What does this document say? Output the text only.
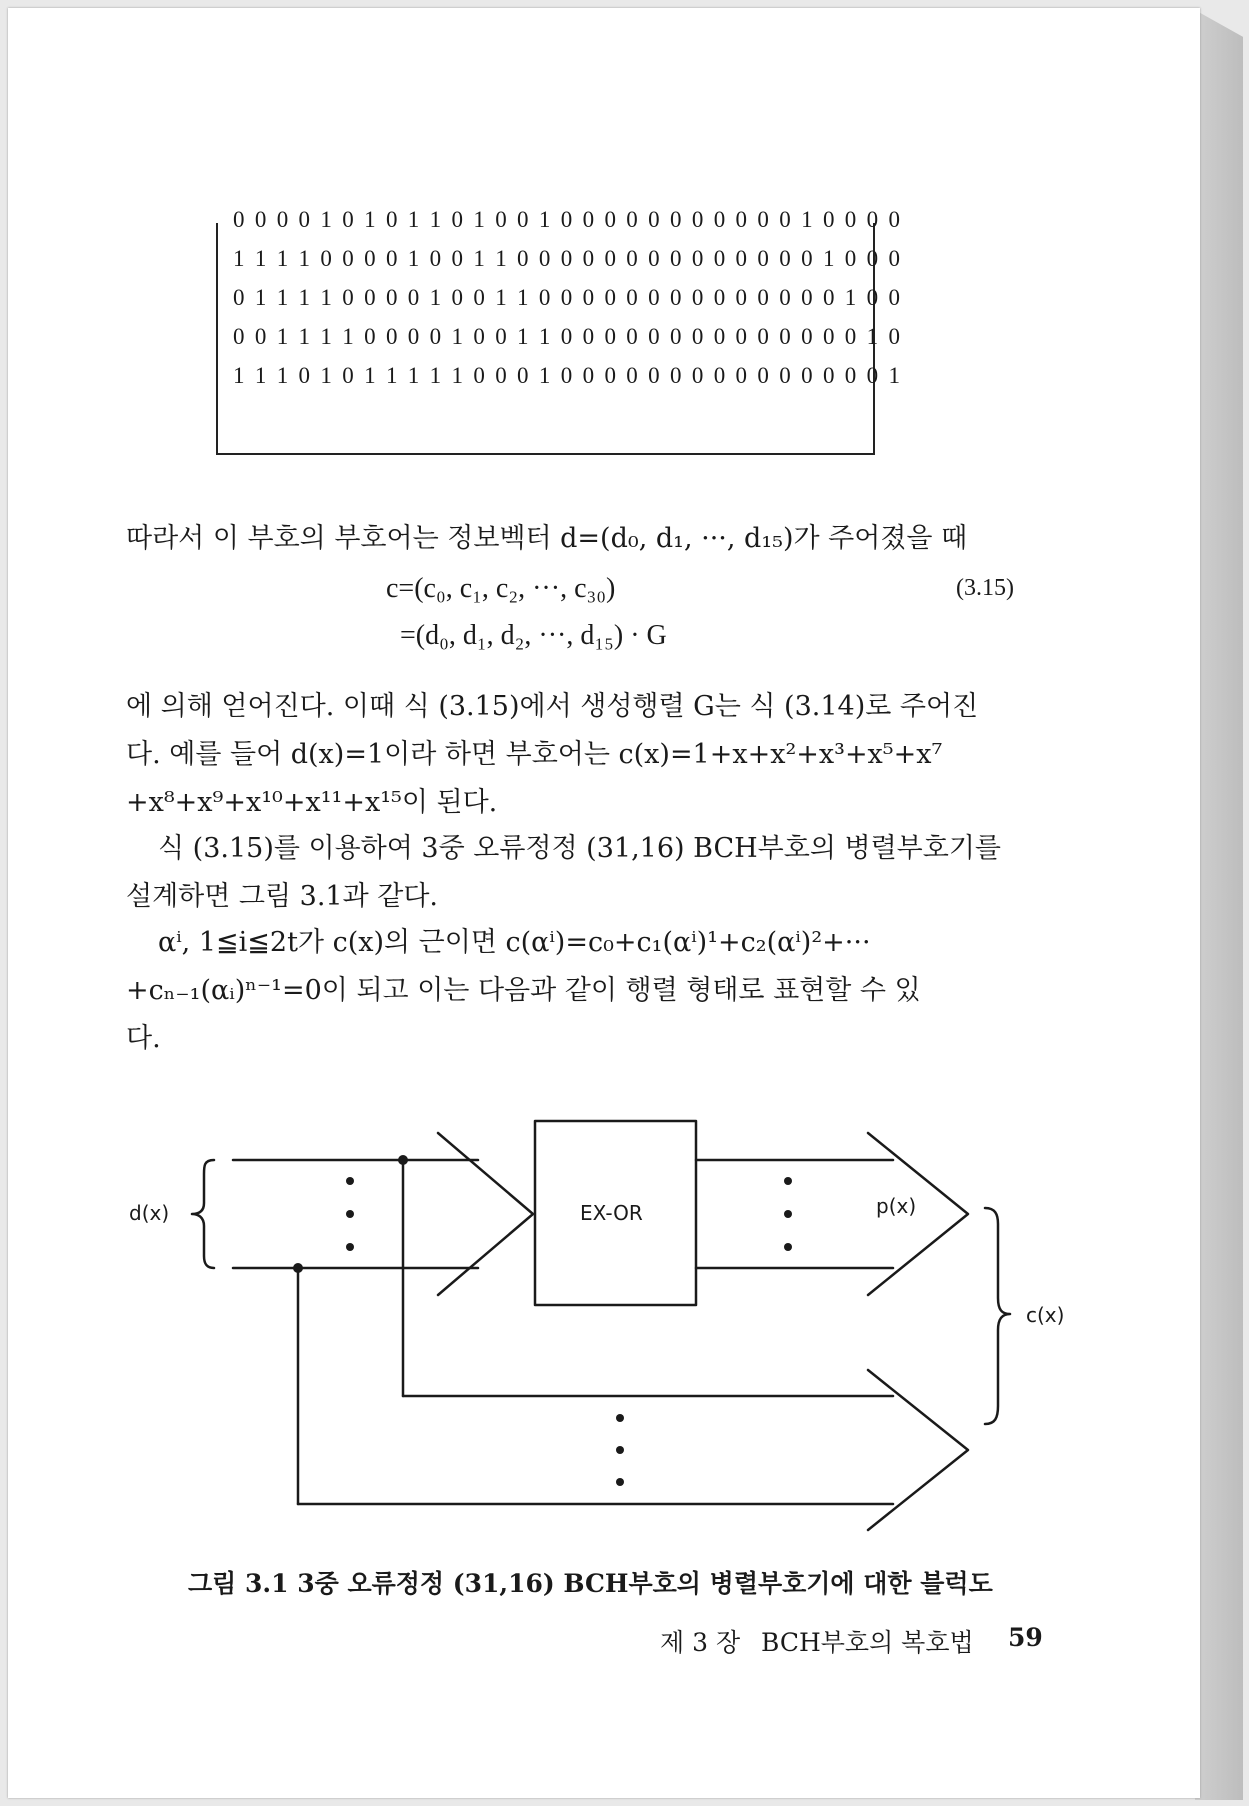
0 0 0 0 1 0 1 0 1 1 0 1 0 0 1 0 0 0 0 0 0 0 0 0 0 0 1 0 0 0 0
1 1 1 1 0 0 0 0 1 0 0 1 1 0 0 0 0 0 0 0 0 0 0 0 0 0 0 1 0 0 0
0 1 1 1 1 0 0 0 0 1 0 0 1 1 0 0 0 0 0 0 0 0 0 0 0 0 0 0 1 0 0
0 0 1 1 1 1 0 0 0 0 1 0 0 1 1 0 0 0 0 0 0 0 0 0 0 0 0 0 0 1 0
1 1 1 0 1 0 1 1 1 1 1 0 0 0 1 0 0 0 0 0 0 0 0 0 0 0 0 0 0 0 1
따라서 이 부호의 부호어는 정보벡터 d=(d₀, d₁, ···, d₁₅)가 주어졌을 때
c=(c₀, c₁, c₂, ···, c₃₀)
=(d₀, d₁, d₂, ···, d₁₅) · G
(3.15)
에 의해 얻어진다. 이때 식 (3.15)에서 생성행렬 G는 식 (3.14)로 주어진
다. 예를 들어 d(x)=1이라 하면 부호어는 c(x)=1+x+x²+x³+x⁵+x⁷
+x⁸+x⁹+x¹⁰+x¹¹+x¹⁵이 된다.
식 (3.15)를 이용하여 3중 오류정정 (31,16) BCH부호의 병렬부호기를
설계하면 그림 3.1과 같다.
αⁱ, 1≦i≦2t가 c(x)의 근이면 c(αⁱ)=c₀+c₁(αⁱ)¹+c₂(αⁱ)²+···
+cₙ₋₁(αᵢ)ⁿ⁻¹=0이 되고 이는 다음과 같이 행렬 형태로 표현할 수 있
다.
d(x)	EX-OR	p(x)
c(x)
그림 3.1 3중 오류정정 (31,16) BCH부호의 병렬부호기에 대한 블럭도
제 3 장 BCH부호의 복호법 59
